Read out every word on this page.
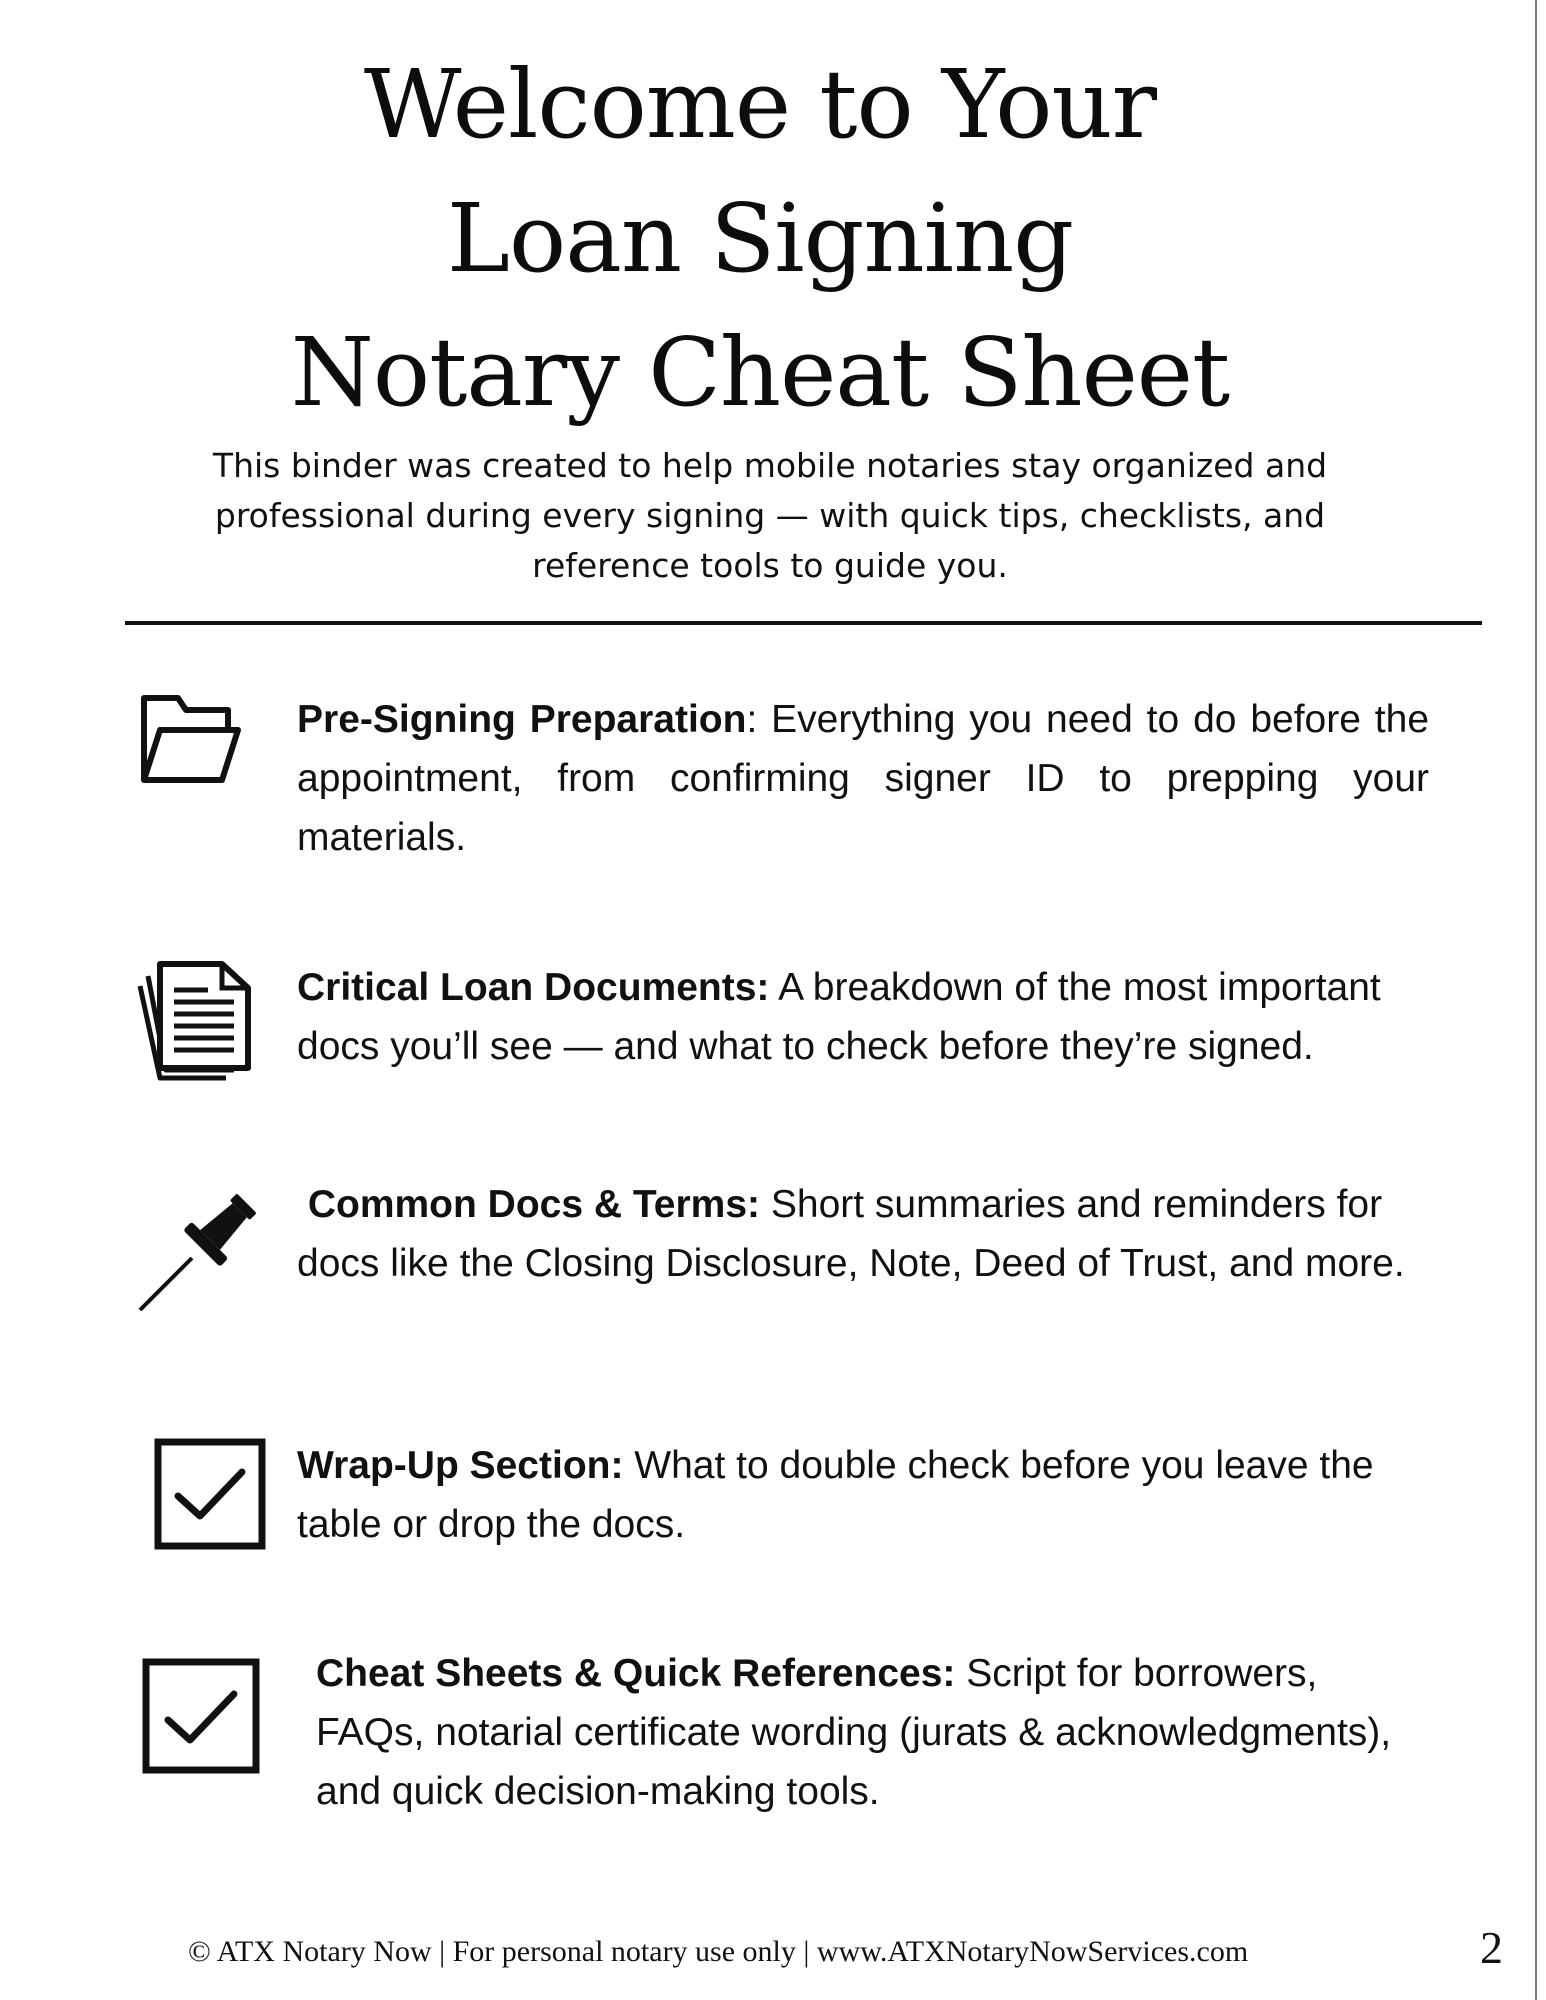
Welcome to Your
Loan Signing
Notary Cheat Sheet
This binder was created to help mobile notaries stay organized and professional during every signing — with quick tips, checklists, and reference tools to guide you.
Pre-Signing Preparation: Everything you need to do before the appointment, from confirming signer ID to prepping your materials.
Critical Loan Documents: A breakdown of the most important docs you’ll see — and what to check before they’re signed.
Common Docs & Terms: Short summaries and reminders for docs like the Closing Disclosure, Note, Deed of Trust, and more.
Wrap-Up Section: What to double check before you leave the table or drop the docs.
Cheat Sheets & Quick References: Script for borrowers, FAQs, notarial certificate wording (jurats & acknowledgments), and quick decision-making tools.
© ATX Notary Now | For personal notary use only | www.ATXNotaryNowServices.com	2
